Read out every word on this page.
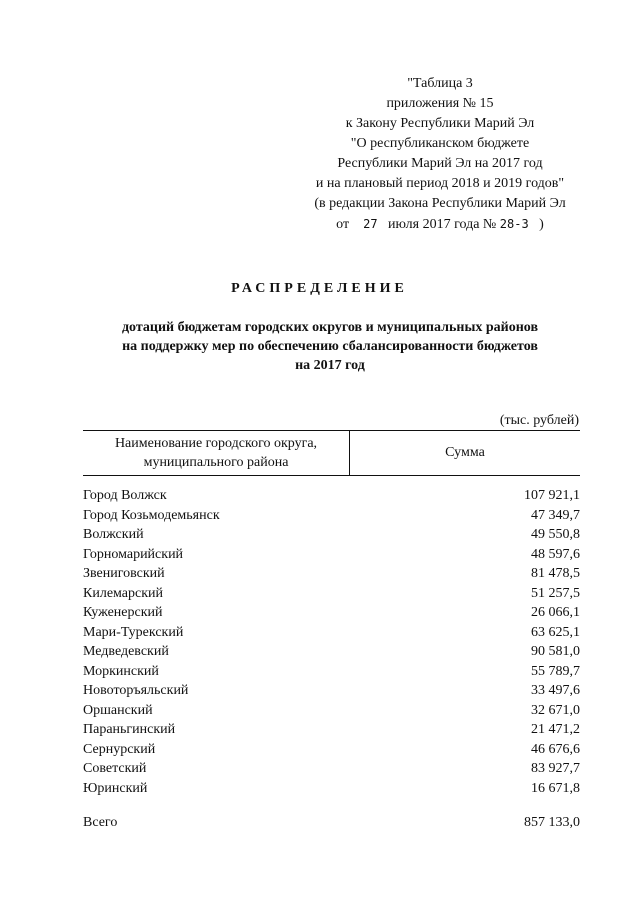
"Таблица 3
приложения № 15
к Закону Республики Марий Эл
"О республиканском бюджете
Республики Марий Эл на 2017 год
и на плановый период 2018 и 2019 годов"
(в редакции Закона Республики Марий Эл
от 27 июля 2017 года № 28-З )
РАСПРЕДЕЛЕНИЕ
дотаций бюджетам городских округов и муниципальных районов
на поддержку мер по обеспечению сбалансированности бюджетов
на 2017 год
(тыс. рублей)
Наименование городского округа,
муниципального района
Сумма
Город Волжск	107 921,1
Город Козьмодемьянск	47 349,7
Волжский	49 550,8
Горномарийский	48 597,6
Звениговский	81 478,5
Килемарский	51 257,5
Куженерский	26 066,1
Мари-Турекский	63 625,1
Медведевский	90 581,0
Моркинский	55 789,7
Новоторъяльский	33 497,6
Оршанский	32 671,0
Параньгинский	21 471,2
Сернурский	46 676,6
Советский	83 927,7
Юринский	16 671,8
Всего	857 133,0
